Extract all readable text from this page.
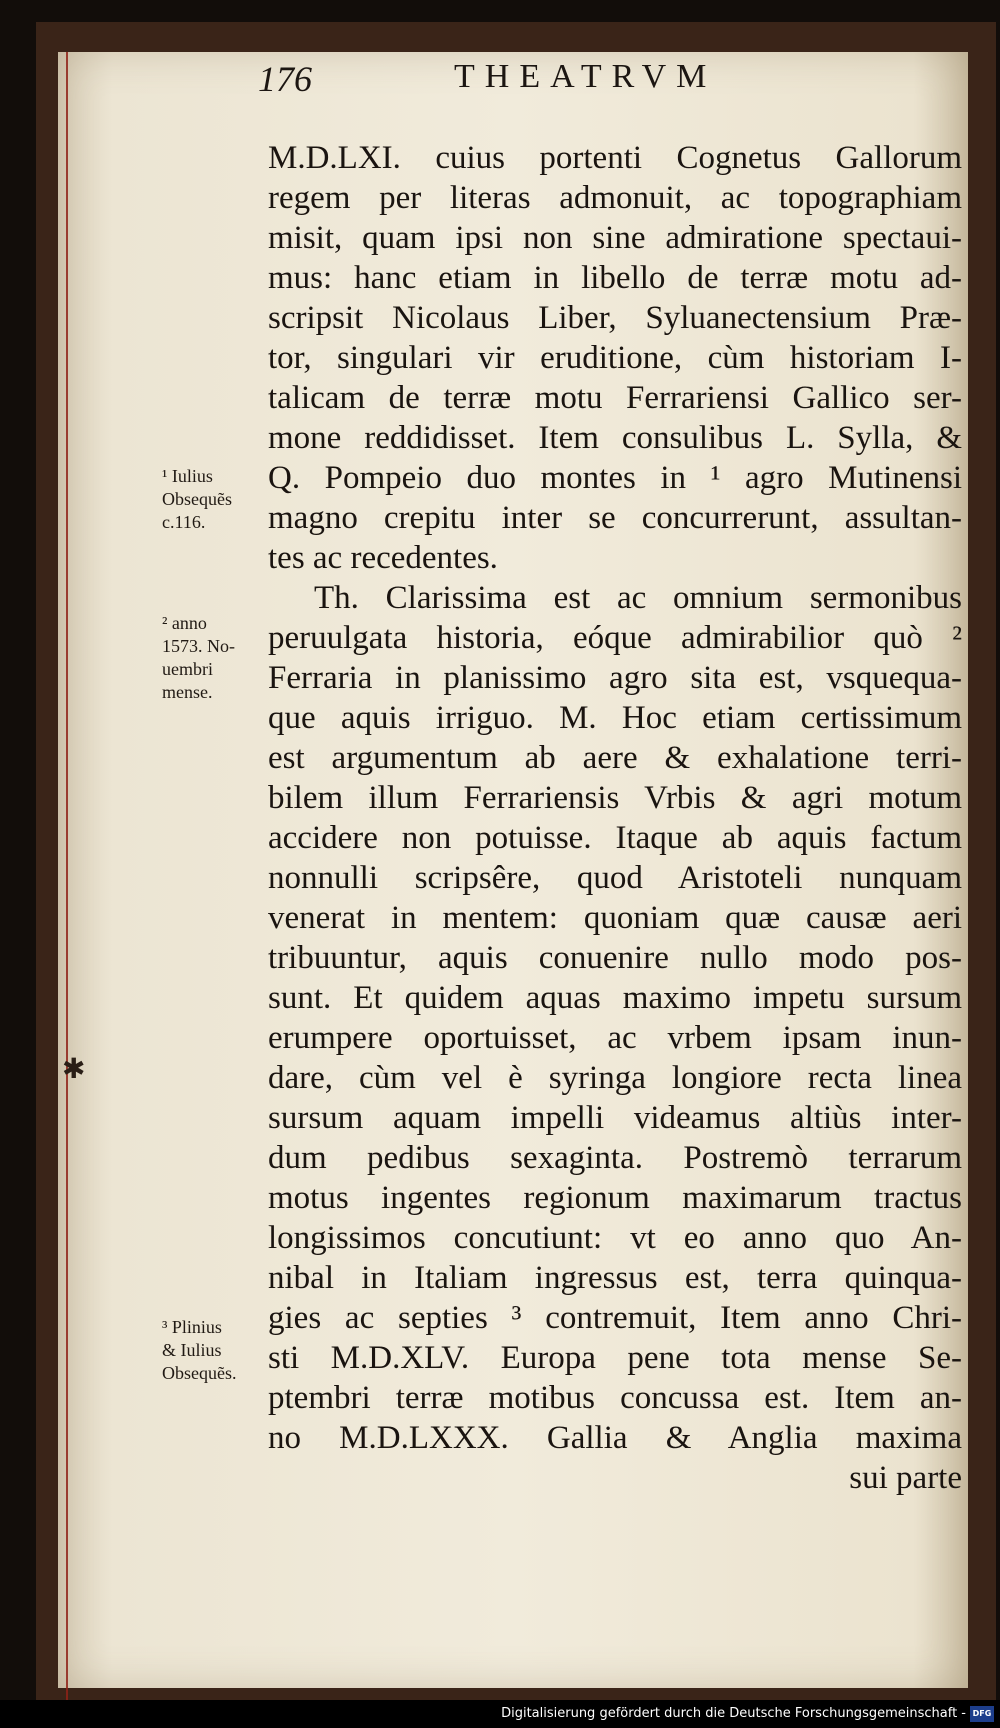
176	THEATRVM
M.D.LXI. cuius portenti Cognetus Gallorum
regem per literas admonuit, ac topographiam
misit, quam ipsi non sine admiratione spectaui-
mus: hanc etiam in libello de terræ motu ad-
scripsit Nicolaus Liber, Syluanectensium Præ-
tor, singulari vir eruditione, cùm historiam I-
talicam de terræ motu Ferrariensi Gallico ser-
mone reddidisset. Item consulibus L. Sylla, &
Q. Pompeio duo montes in ¹ agro Mutinensi
magno crepitu inter se concurrerunt, assultan-
tes ac recedentes.
Th. Clarissima est ac omnium sermonibus
peruulgata historia, eóque admirabilior quò ²
Ferraria in planissimo agro sita est, vsquequa-
que aquis irriguo. M. Hoc etiam certissimum
est argumentum ab aere & exhalatione terri-
bilem illum Ferrariensis Vrbis & agri motum
accidere non potuisse. Itaque ab aquis factum
nonnulli scripsêre, quod Aristoteli nunquam
venerat in mentem: quoniam quæ causæ aeri
tribuuntur, aquis conuenire nullo modo pos-
sunt. Et quidem aquas maximo impetu sursum
erumpere oportuisset, ac vrbem ipsam inun-
dare, cùm vel è syringa longiore recta linea
sursum aquam impelli videamus altiùs inter-
dum pedibus sexaginta. Postremò terrarum
motus ingentes regionum maximarum tractus
longissimos concutiunt: vt eo anno quo An-
nibal in Italiam ingressus est, terra quinqua-
gies ac septies ³ contremuit, Item anno Chri-
sti M.D.XLV. Europa pene tota mense Se-
ptembri terræ motibus concussa est. Item an-
no M.D.LXXX. Gallia & Anglia maxima
sui parte
¹ Iulius
Obsequẽs
c.116.
² anno
1573. No-
uembri
mense.
³ Plinius
& Iulius
Obsequẽs.
✱
Digitalisierung gefördert durch die Deutsche Forschungsgemeinschaft - DFG
